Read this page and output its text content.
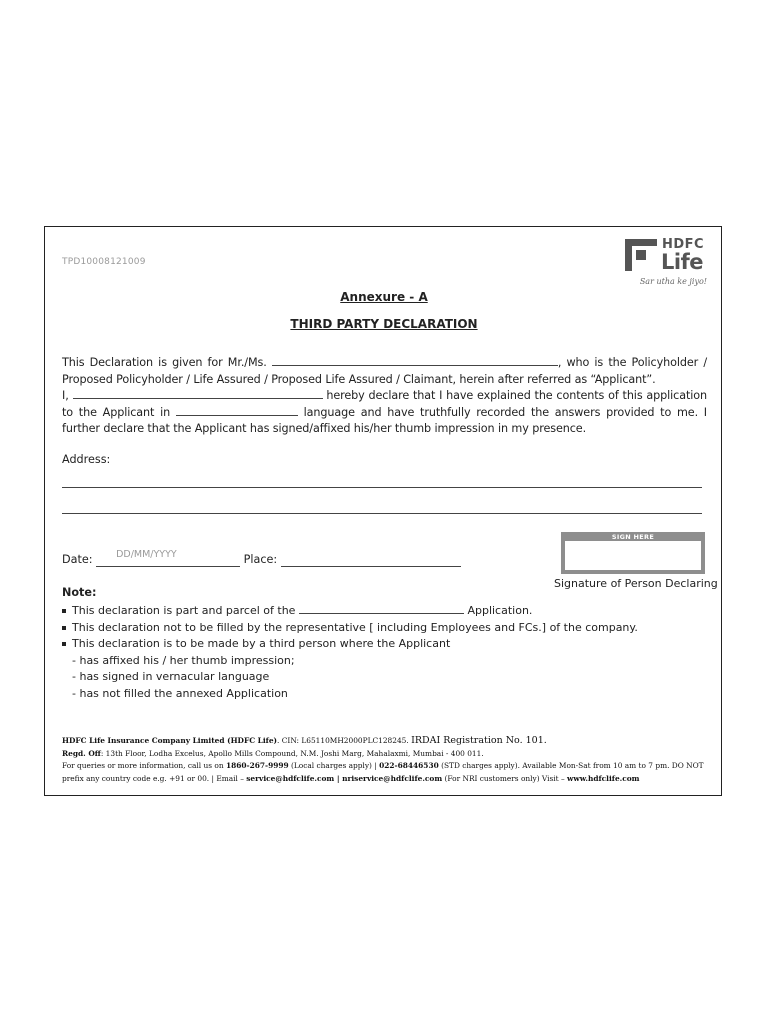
TPD10008121009
HDFC
Life
Sar utha ke jiyo!
Annexure - A
THIRD PARTY DECLARATION

This Declaration is given for Mr./Ms.	, who is the Policyholder / Proposed Policyholder / Life Assured / Proposed Life Assured / Claimant, herein after referred as “Applicant”.

I,	hereby declare that I have explained the contents of this application to the Applicant in	language and have truthfully recorded the answers provided to me. I further declare that the Applicant has signed/affixed his/her thumb impression in my presence.

Address:
Date: DD/MM/YYYY	Place:
SIGN HERE
Signature of Person Declaring
Note:
This declaration is part and parcel of the	Application.
This declaration not to be filled by the representative [ including Employees and FCs.] of the company.
This declaration is to be made by a third person where the Applicant
- has affixed his / her thumb impression;
- has signed in vernacular language
- has not filled the annexed Application
HDFC Life Insurance Company Limited (HDFC Life). CIN: L65110MH2000PLC128245. IRDAI Registration No. 101.
Regd. Off: 13th Floor, Lodha Excelus, Apollo Mills Compound, N.M. Joshi Marg, Mahalaxmi, Mumbai - 400 011.
For queries or more information, call us on 1860-267-9999 (Local charges apply) | 022-68446530 (STD charges apply). Available Mon-Sat from 10 am to 7 pm. DO NOT prefix any country code e.g. +91 or 00. | Email – service@hdfclife.com | nriservice@hdfclife.com (For NRI customers only) Visit – www.hdfclife.com
